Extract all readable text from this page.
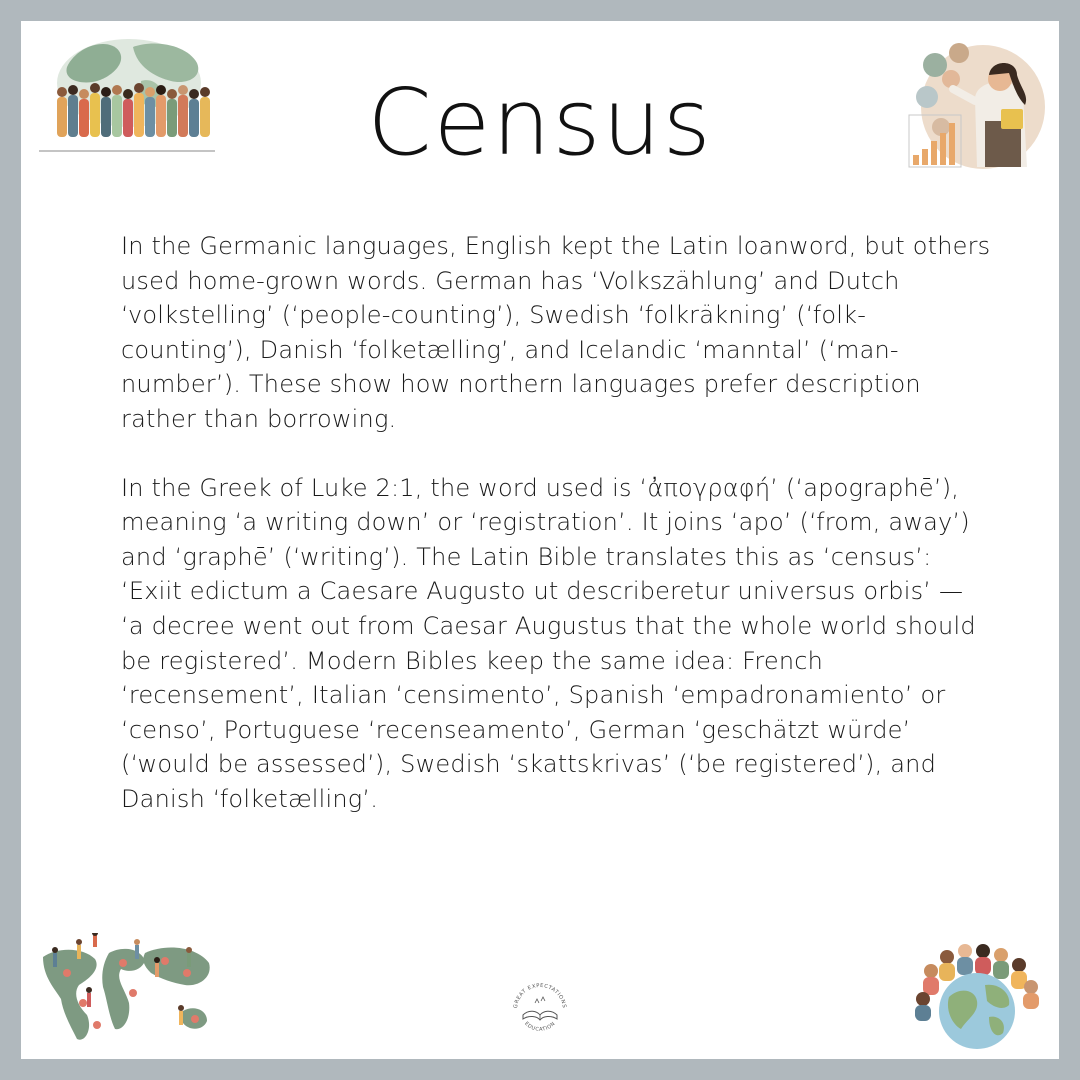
Census

In the Germanic languages, English kept the Latin loanword, but others used home-grown words. German has ‘Volkszählung’ and Dutch ‘volkstelling’ (‘people-counting’), Swedish ‘folkräkning’ (‘folk-counting’), Danish ‘folketælling’, and Icelandic ‘manntal’ (‘man-number’). These show how northern languages prefer description rather than borrowing.

In the Greek of Luke 2:1, the word used is ‘ἀπογραφή’ (‘apographē’), meaning ‘a writing down’ or ‘registration’. It joins ‘apo’ (‘from, away’) and ‘graphē’ (‘writing’). The Latin Bible translates this as ‘census’: ‘Exiit edictum a Caesare Augusto ut describeretur universus orbis’ — ‘a decree went out from Caesar Augustus that the whole world should be registered’. Modern Bibles keep the same idea: French ‘recensement’, Italian ‘censimento’, Spanish ‘empadronamiento’ or ‘censo’, Portuguese ‘recenseamento’, German ‘geschätzt würde’ (‘would be assessed’), Swedish ‘skattskrivas’ (‘be registered’), and Danish ‘folketælling’.

GREAT EXPECTATIONS
EDUCATION
